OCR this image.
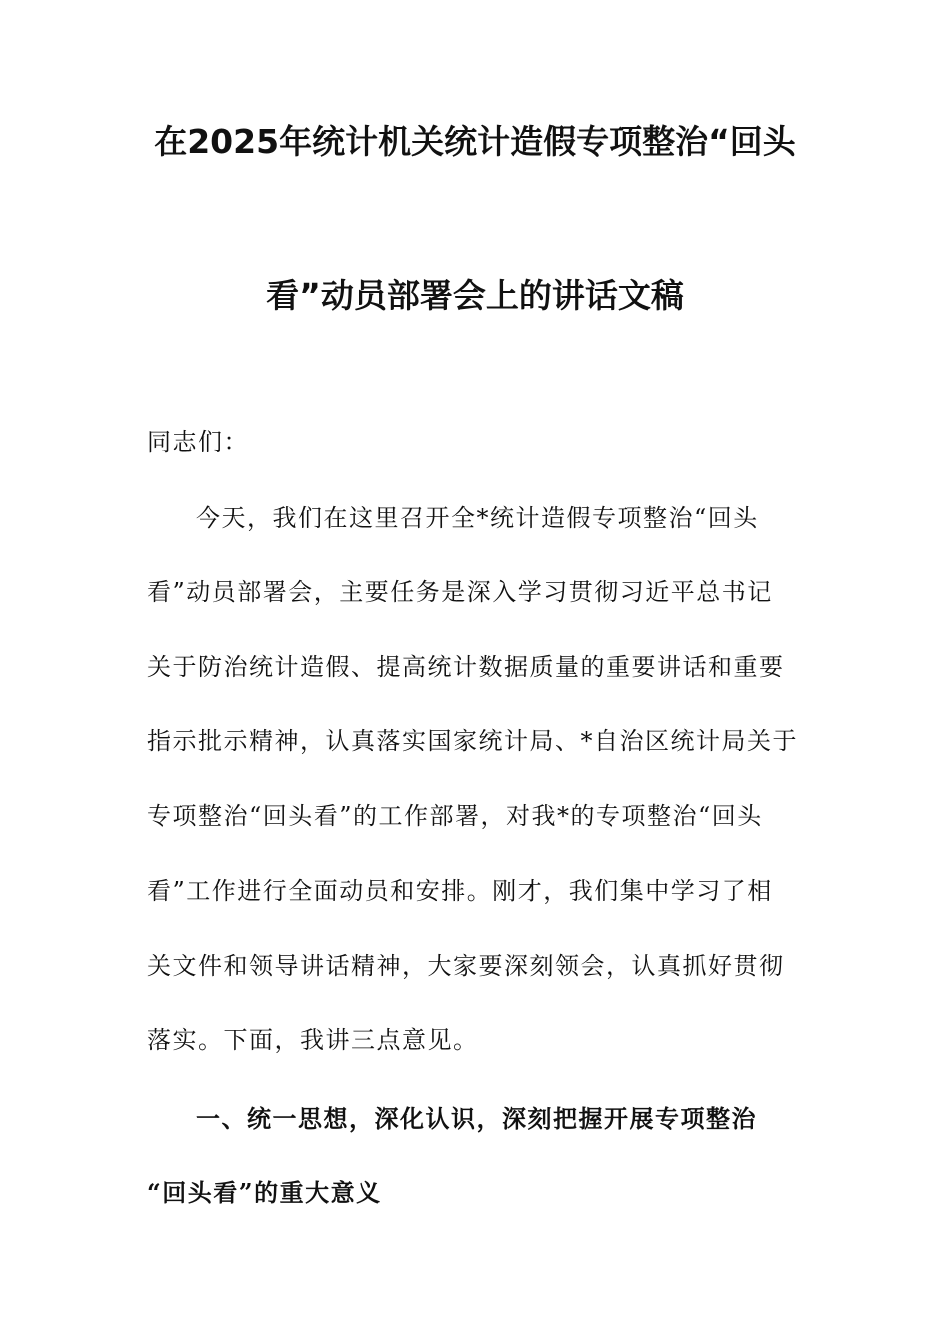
在2025年统计机关统计造假专项整治“回头
看”动员部署会上的讲话文稿
同志们：
今天，我们在这里召开全*统计造假专项整治“回头
看”动员部署会，主要任务是深入学习贯彻习近平总书记
关于防治统计造假、提高统计数据质量的重要讲话和重要
指示批示精神，认真落实国家统计局、*自治区统计局关于
专项整治“回头看”的工作部署，对我*的专项整治“回头
看”工作进行全面动员和安排。刚才，我们集中学习了相
关文件和领导讲话精神，大家要深刻领会，认真抓好贯彻
落实。下面，我讲三点意见。
一、统一思想，深化认识，深刻把握开展专项整治
“回头看”的重大意义
